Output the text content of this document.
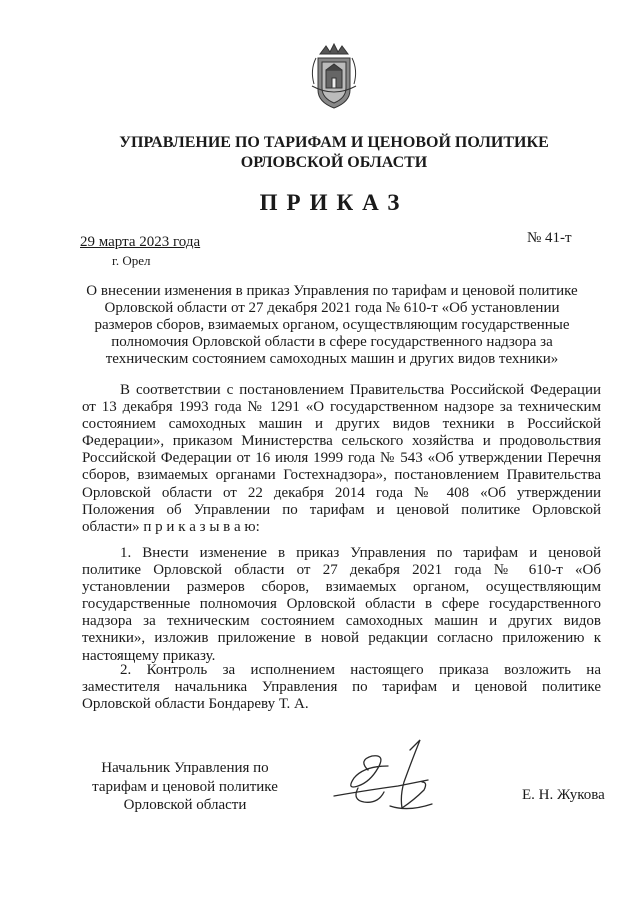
УПРАВЛЕНИЕ ПО ТАРИФАМ И ЦЕНОВОЙ ПОЛИТИКЕ
ОРЛОВСКОЙ ОБЛАСТИ
ПРИКАЗ
29 марта 2023 года
г. Орел
№ 41-т
О внесении изменения в приказ Управления по тарифам и ценовой политике
Орловской области от 27 декабря 2021 года № 610-т «Об установлении
размеров сборов, взимаемых органом, осуществляющим государственные
полномочия Орловской области в сфере государственного надзора за
техническим состоянием самоходных машин и других видов техники»
В соответствии с постановлением Правительства Российской Федерации
от 13 декабря 1993 года № 1291 «О государственном надзоре за техническим
состоянием самоходных машин и других видов техники в Российской
Федерации», приказом Министерства сельского хозяйства и продовольствия
Российской Федерации от 16 июля 1999 года № 543 «Об утверждении Перечня
сборов, взимаемых органами Гостехнадзора», постановлением Правительства
Орловской области от 22 декабря 2014 года № 408 «Об утверждении
Положения об Управлении по тарифам и ценовой политике Орловской
области» п р и к а з ы в а ю:
1. Внести изменение в приказ Управления по тарифам и ценовой
политике Орловской области от 27 декабря 2021 года № 610-т «Об
установлении размеров сборов, взимаемых органом, осуществляющим
государственные полномочия Орловской области в сфере государственного
надзора за техническим состоянием самоходных машин и других видов
техники», изложив приложение в новой редакции согласно приложению к
настоящему приказу.
2. Контроль за исполнением настоящего приказа возложить на
заместителя начальника Управления по тарифам и ценовой политике
Орловской области Бондареву Т. А.
Начальник Управления по
тарифам и ценовой политике
Орловской области
Е. Н. Жукова
